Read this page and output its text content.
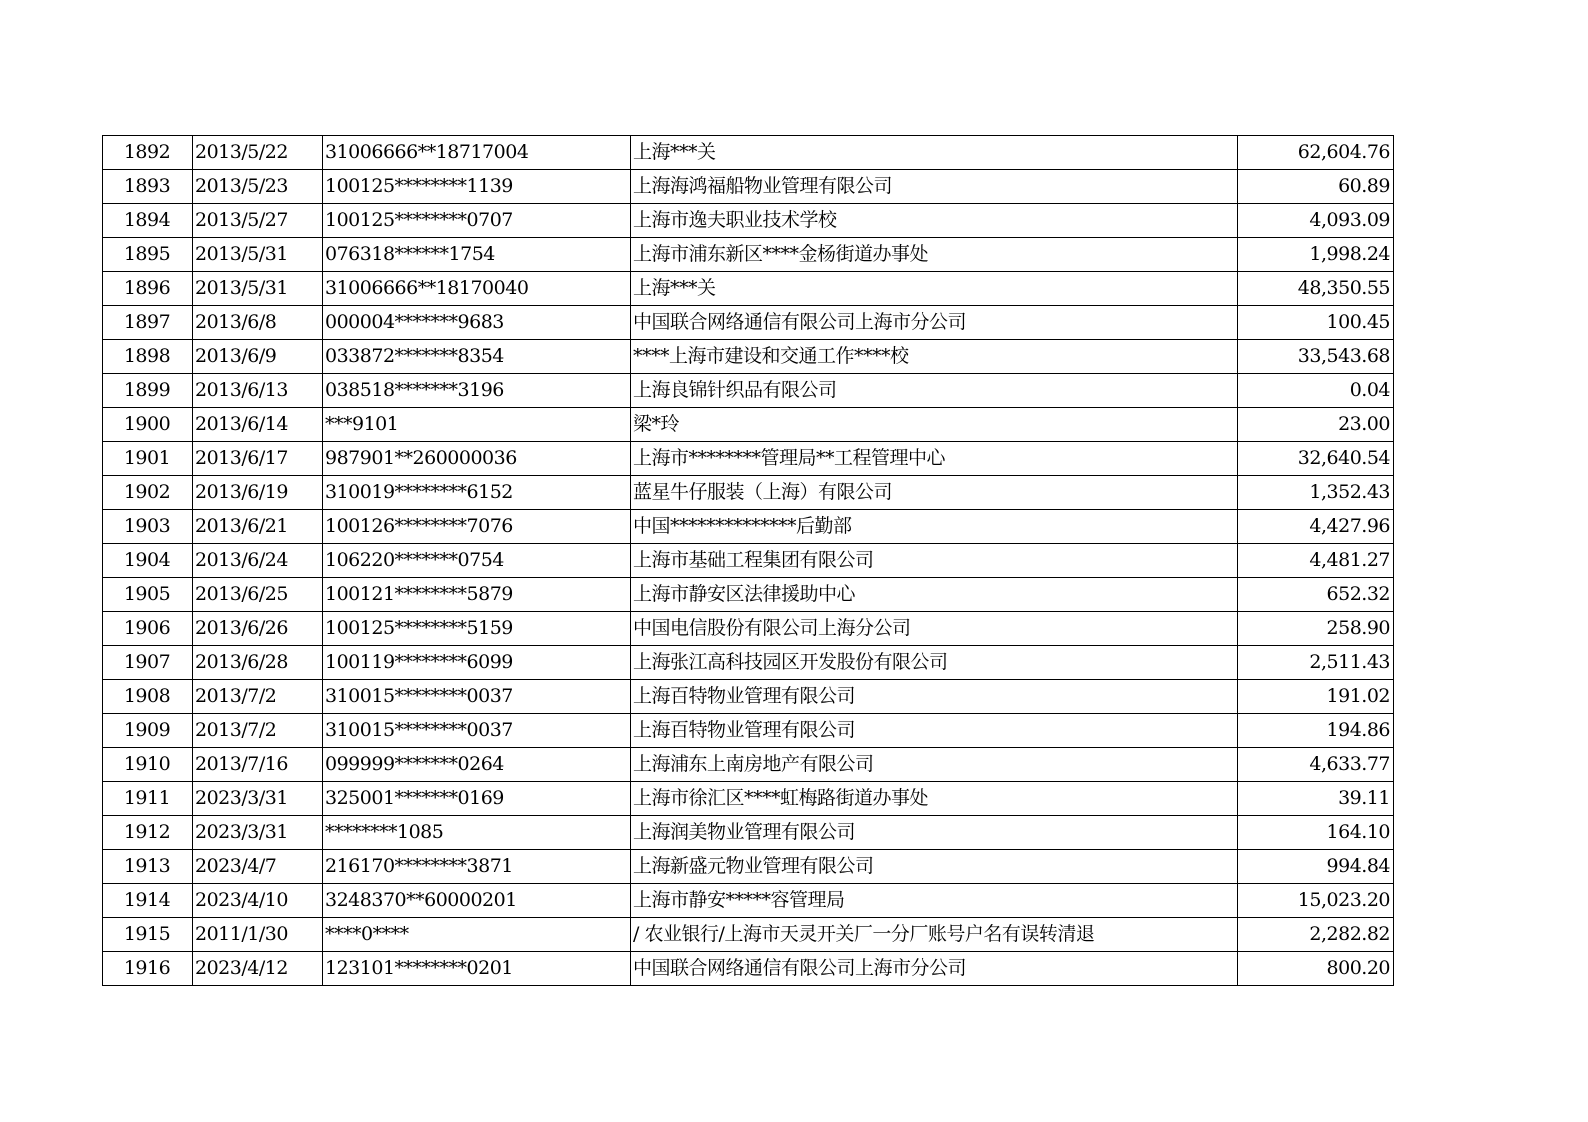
1892	2013/5/22	31006666**18717004	上海***关	62,604.76
1893	2013/5/23	100125********1139	上海海鸿福船物业管理有限公司	60.89
1894	2013/5/27	100125********0707	上海市逸夫职业技术学校	4,093.09
1895	2013/5/31	076318******1754	上海市浦东新区****金杨街道办事处	1,998.24
1896	2013/5/31	31006666**18170040	上海***关	48,350.55
1897	2013/6/8	000004*******9683	中国联合网络通信有限公司上海市分公司	100.45
1898	2013/6/9	033872*******8354	****上海市建设和交通工作****校	33,543.68
1899	2013/6/13	038518*******3196	上海良锦针织品有限公司	0.04
1900	2013/6/14	***9101	梁*玲	23.00
1901	2013/6/17	987901**260000036	上海市********管理局**工程管理中心	32,640.54
1902	2013/6/19	310019********6152	蓝星牛仔服装（上海）有限公司	1,352.43
1903	2013/6/21	100126********7076	中国**************后勤部	4,427.96
1904	2013/6/24	106220*******0754	上海市基础工程集团有限公司	4,481.27
1905	2013/6/25	100121********5879	上海市静安区法律援助中心	652.32
1906	2013/6/26	100125********5159	中国电信股份有限公司上海分公司	258.90
1907	2013/6/28	100119********6099	上海张江高科技园区开发股份有限公司	2,511.43
1908	2013/7/2	310015********0037	上海百特物业管理有限公司	191.02
1909	2013/7/2	310015********0037	上海百特物业管理有限公司	194.86
1910	2013/7/16	099999*******0264	上海浦东上南房地产有限公司	4,633.77
1911	2023/3/31	325001*******0169	上海市徐汇区****虹梅路街道办事处	39.11
1912	2023/3/31	********1085	上海润美物业管理有限公司	164.10
1913	2023/4/7	216170********3871	上海新盛元物业管理有限公司	994.84
1914	2023/4/10	3248370**60000201	上海市静安*****容管理局	15,023.20
1915	2011/1/30	****0****	/ 农业银行/上海市天灵开关厂一分厂账号户名有误转清退	2,282.82
1916	2023/4/12	123101********0201	中国联合网络通信有限公司上海市分公司	800.20
